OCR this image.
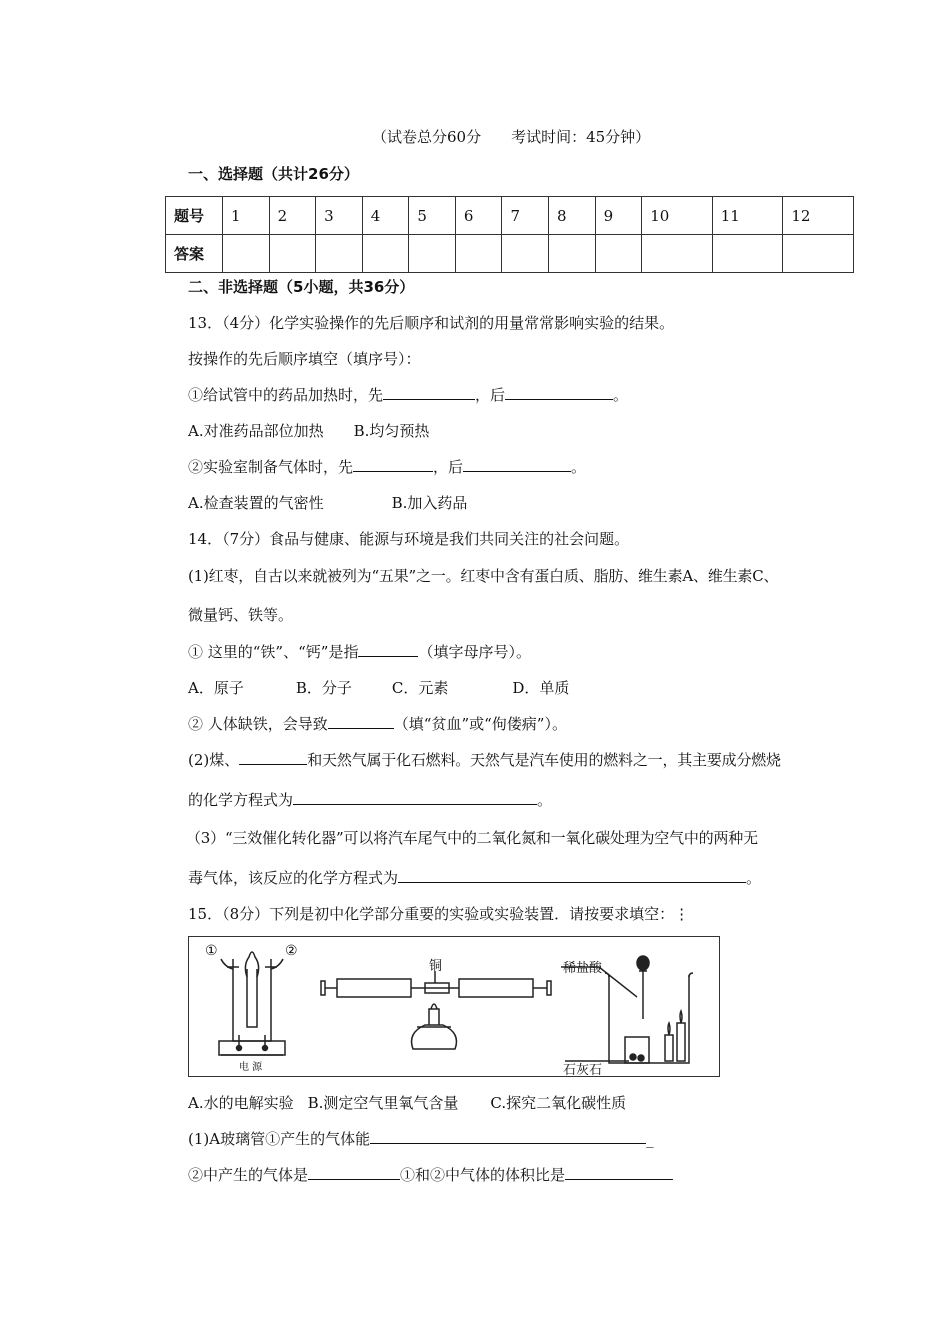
（试卷总分60分　　考试时间：45分钟）
一、选择题（共计26分）
题号	1	2	3	4	5	6	7	8	9	10	11	12
答案												
二、非选择题（5小题，共36分）
13．（4分）化学实验操作的先后顺序和试剂的用量常常影响实验的结果。
按操作的先后顺序填空（填序号）：
①给试管中的药品加热时，先	，后	。
A.对准药品部位加热 B.均匀预热
②实验室制备气体时，先	，后	。
A.检查装置的气密性	B.加入药品
14．（7分）食品与健康、能源与环境是我们共同关注的社会问题。
(1)红枣，自古以来就被列为“五果”之一。红枣中含有蛋白质、脂肪、维生素A、维生素C、
微量钙、铁等。
① 这里的“铁”、“钙”是指	（填字母序号）。
A．原子	B．分子	C．元素	D．单质
② 人体缺铁，会导致	（填“贫血”或“佝偻病”）。
(2)煤、	和天然气属于化石燃料。天然气是汽车使用的燃料之一，其主要成分燃烧
的化学方程式为	。
（3）“三效催化转化器”可以将汽车尾气中的二氧化氮和一氧化碳处理为空气中的两种无
毒气体，该反应的化学方程式为	。
15．（8分）下列是初中化学部分重要的实验或实验装置．请按要求填空：⋮
①	②
电 源
铜	稀盐酸
石灰石
A.水的电解实验 B.测定空气里氧气含量 C.探究二氧化碳性质
(1)A玻璃管①产生的气体能	_
②中产生的气体是	①和②中气体的体积比是
